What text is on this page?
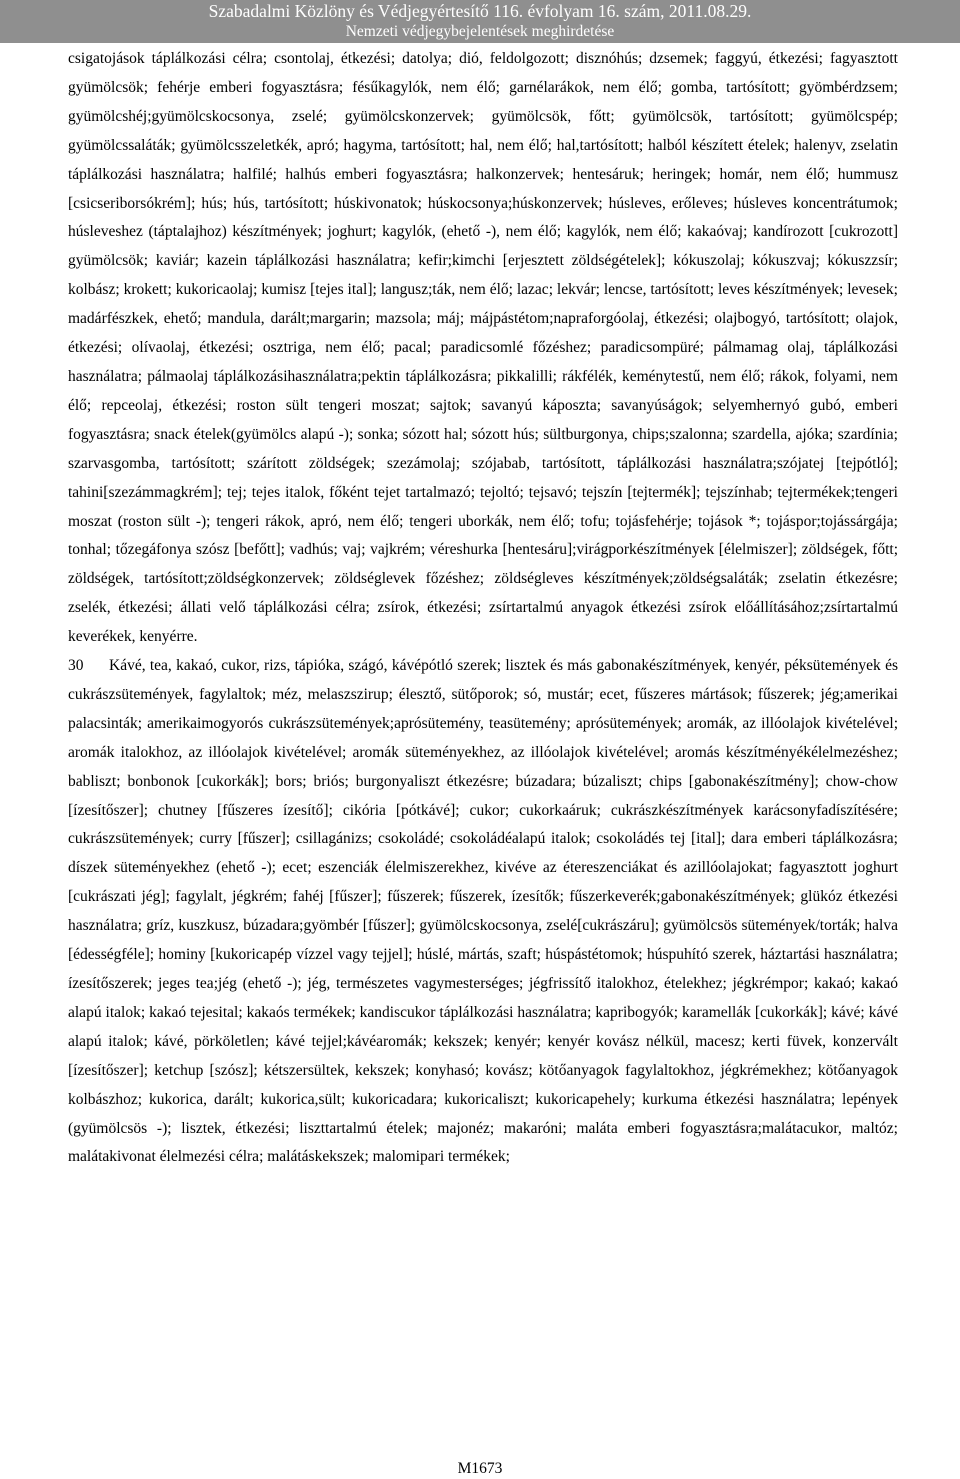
Szabadalmi Közlöny és Védjegyértesítő 116. évfolyam 16. szám, 2011.08.29.
Nemzeti védjegybejelentések meghirdetése

csigatojások táplálkozási célra; csontolaj, étkezési; datolya; dió, feldolgozott; disznóhús; dzsemek; faggyú, étkezési; fagyasztott gyümölcsök; fehérje emberi fogyasztásra; fésűkagylók, nem élő; garnélarákok, nem élő; gomba, tartósított; gyömbérdzsem; gyümölcshéj;gyümölcskocsonya, zselé; gyümölcskonzervek; gyümölcsök, főtt; gyümölcsök, tartósított; gyümölcspép; gyümölcssaláták; gyümölcsszeletkék, apró; hagyma, tartósított; hal, nem élő; hal,tartósított; halból készített ételek; halenyv, zselatin táplálkozási használatra; halfilé; halhús emberi fogyasztásra; halkonzervek; hentesáruk; heringek; homár, nem élő; hummusz [csicseriborsókrém]; hús; hús, tartósított; húskivonatok; húskocsonya;húskonzervek; húsleves, erőleves; húsleves koncentrátumok; húsleveshez (táptalajhoz) készítmények; joghurt; kagylók, (ehető -), nem élő; kagylók, nem élő; kakaóvaj; kandírozott [cukrozott] gyümölcsök; kaviár; kazein táplálkozási használatra; kefir;kimchi [erjesztett zöldségételek]; kókuszolaj; kókuszvaj; kókuszzsír; kolbász; krokett; kukoricaolaj; kumisz [tejes ital]; langusz;ták, nem élő; lazac; lekvár; lencse, tartósított; leves készítmények; levesek; madárfészkek, ehető; mandula, darált;margarin; mazsola; máj; májpástétom;napraforgóolaj, étkezési; olajbogyó, tartósított; olajok, étkezési; olívaolaj, étkezési; osztriga, nem élő; pacal; paradicsomlé főzéshez; paradicsompüré; pálmamag olaj, táplálkozási használatra; pálmaolaj táplálkozásihasználatra;pektin táplálkozásra; pikkalilli; rákfélék, keménytestű, nem élő; rákok, folyami, nem élő; repceolaj, étkezési; roston sült tengeri moszat; sajtok; savanyú káposzta; savanyúságok; selyemhernyó gubó, emberi fogyasztásra; snack ételek(gyümölcs alapú -); sonka; sózott hal; sózott hús; sültburgonya, chips;szalonna; szardella, ajóka; szardínia; szarvasgomba, tartósított; szárított zöldségek; szezámolaj; szójabab, tartósított, táplálkozási használatra;szójatej [tejpótló]; tahini[szezámmagkrém]; tej; tejes italok, főként tejet tartalmazó; tejoltó; tejsavó; tejszín [tejtermék]; tejszínhab; tejtermékek;tengeri moszat (roston sült -); tengeri rákok, apró, nem élő; tengeri uborkák, nem élő; tofu; tojásfehérje; tojások *; tojáspor;tojássárgája; tonhal; tőzegáfonya szósz [befőtt]; vadhús; vaj; vajkrém; véreshurka [hentesáru];virágporkészítmények [élelmiszer]; zöldségek, főtt; zöldségek, tartósított;zöldségkonzervek; zöldséglevek főzéshez; zöldségleves készítmények;zöldségsaláták; zselatin étkezésre; zselék, étkezési; állati velő táplálkozási célra; zsírok, étkezési; zsírtartalmú anyagok étkezési zsírok előállításához;zsírtartalmú keverékek, kenyérre.

30 Kávé, tea, kakaó, cukor, rizs, tápióka, szágó, kávépótló szerek; lisztek és más gabonakészítmények, kenyér, péksütemények és cukrászsütemények, fagylaltok; méz, melaszszirup; élesztő, sütőporok; só, mustár; ecet, fűszeres mártások; fűszerek; jég;amerikai palacsinták; amerikaimogyorós cukrászsütemények;aprósütemény, teasütemény; aprósütemények; aromák, az illóolajok kivételével; aromák italokhoz, az illóolajok kivételével; aromák süteményekhez, az illóolajok kivételével; aromás készítményékélelmezéshez; babliszt; bonbonok [cukorkák]; bors; briós; burgonyaliszt étkezésre; búzadara; búzaliszt; chips [gabonakészítmény]; chow-chow [ízesítőszer]; chutney [fűszeres ízesítő]; cikória [pótkávé]; cukor; cukorkaáruk; cukrászkészítmények karácsonyfadíszítésére; cukrászsütemények; curry [fűszer]; csillagánizs; csokoládé; csokoládéalapú italok; csokoládés tej [ital]; dara emberi táplálkozásra; díszek süteményekhez (ehető -); ecet; eszenciák élelmiszerekhez, kivéve az étereszenciákat és azillóolajokat; fagyasztott joghurt [cukrászati jég]; fagylalt, jégkrém; fahéj [fűszer]; fűszerek; fűszerek, ízesítők; fűszerkeverék;gabonakészítmények; glükóz étkezési használatra; gríz, kuszkusz, búzadara;gyömbér [fűszer]; gyümölcskocsonya, zselé[cukrászáru]; gyümölcsös sütemények/torták; halva [édességféle]; hominy [kukoricapép vízzel vagy tejjel]; húslé, mártás, szaft; húspástétomok; húspuhító szerek, háztartási használatra; ízesítőszerek; jeges tea;jég (ehető -); jég, természetes vagymesterséges; jégfrissítő italokhoz, ételekhez; jégkrémpor; kakaó; kakaó alapú italok; kakaó tejesital; kakaós termékek; kandiscukor táplálkozási használatra; kapribogyók; karamellák [cukorkák]; kávé; kávé alapú italok; kávé, pörköletlen; kávé tejjel;kávéaromák; kekszek; kenyér; kenyér kovász nélkül, macesz; kerti füvek, konzervált [ízesítőszer]; ketchup [szósz]; kétszersültek, kekszek; konyhasó; kovász; kötőanyagok fagylaltokhoz, jégkrémekhez; kötőanyagok kolbászhoz; kukorica, darált; kukorica,sült; kukoricadara; kukoricaliszt; kukoricapehely; kurkuma étkezési használatra; lepények (gyümölcsös -); lisztek, étkezési; liszttartalmú ételek; majonéz; makaróni; maláta emberi fogyasztásra;malátacukor, maltóz; malátakivonat élelmezési célra; malátáskekszek; malomipari termékek;

M1673
